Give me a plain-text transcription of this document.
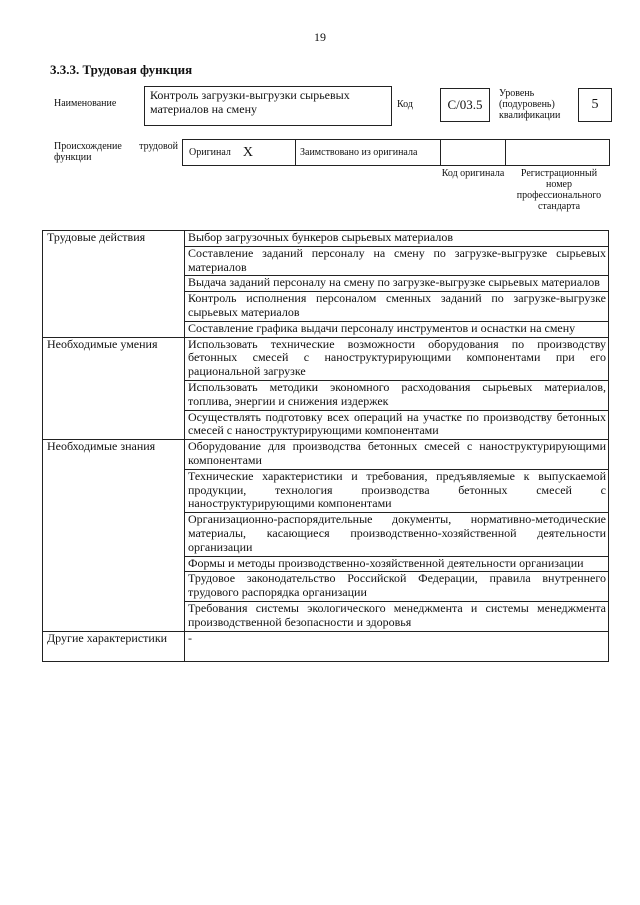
19
3.3.3. Трудовая функция
Наименование
Контроль загрузки-выгрузки сырьевых материалов на смену	Код	С/03.5
Уровень (подуровень) квалификации
5
Происхождение трудовой функции	Оригинал X	Заимствовано из оригинала
Код оригинала	Регистрационный номер профессионального стандарта
Трудовые действия	Выбор загрузочных бункеров сырьевых материалов
	Составление заданий персоналу на смену по загрузке-выгрузке сырьевых материалов
	Выдача заданий персоналу на смену по загрузке-выгрузке сырьевых материалов
	Контроль исполнения персоналом сменных заданий по загрузке-выгрузке сырьевых материалов
	Составление графика выдачи персоналу инструментов и оснастки на смену
Необходимые умения	Использовать технические возможности оборудования по производству бетонных смесей с наноструктурирующими компонентами при его рациональной загрузке
	Использовать методики экономного расходования сырьевых материалов, топлива, энергии и снижения издержек
	Осуществлять подготовку всех операций на участке по производству бетонных смесей с наноструктурирующими компонентами
Необходимые знания	Оборудование для производства бетонных смесей с наноструктурирующими компонентами
	Технические характеристики и требования, предъявляемые к выпускаемой продукции, технология производства бетонных смесей с наноструктурирующими компонентами
	Организационно-распорядительные документы, нормативно-методические материалы, касающиеся производственно-хозяйственной деятельности организации
	Формы и методы производственно-хозяйственной деятельности организации
	Трудовое законодательство Российской Федерации, правила внутреннего трудового распорядка организации
	Требования системы экологического менеджмента и системы менеджмента производственной безопасности и здоровья
Другие характеристики	-
